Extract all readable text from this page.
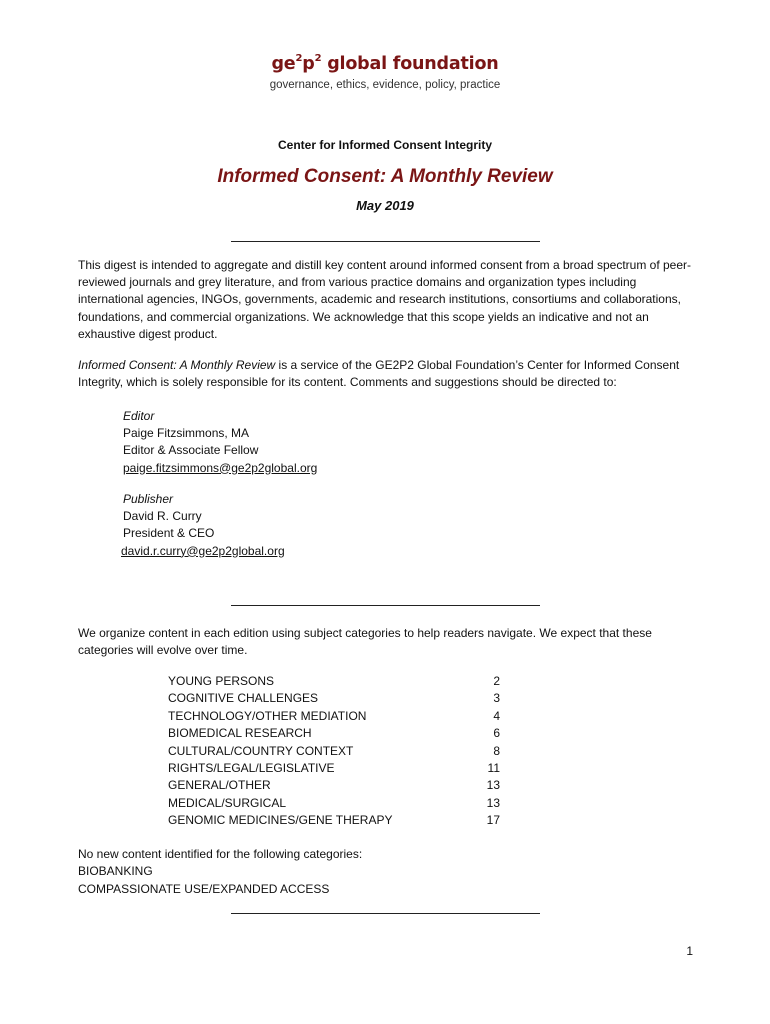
$ge^2p^2$ global foundation
governance, ethics, evidence, policy, practice
Center for Informed Consent Integrity
Informed Consent: A Monthly Review
May 2019

This digest is intended to aggregate and distill key content around informed consent from a broad spectrum of peer-reviewed journals and grey literature, and from various practice domains and organization types including international agencies, INGOs, governments, academic and research institutions, consortiums and collaborations, foundations, and commercial organizations. We acknowledge that this scope yields an indicative and not an exhaustive digest product.

Informed Consent: A Monthly Review is a service of the GE2P2 Global Foundation’s Center for Informed Consent Integrity, which is solely responsible for its content. Comments and suggestions should be directed to:

Editor
Paige Fitzsimmons, MA
Editor & Associate Fellow
paige.fitzsimmons@ge2p2global.org
Publisher
David R. Curry
President & CEO
david.r.curry@ge2p2global.org

We organize content in each edition using subject categories to help readers navigate. We expect that these categories will evolve over time.

YOUNG PERSONS	2
COGNITIVE CHALLENGES	3
TECHNOLOGY/OTHER MEDIATION	4
BIOMEDICAL RESEARCH	6
CULTURAL/COUNTRY CONTEXT	8
RIGHTS/LEGAL/LEGISLATIVE	11
GENERAL/OTHER	13
MEDICAL/SURGICAL	13
GENOMIC MEDICINES/GENE THERAPY	17
No new content identified for the following categories:
BIOBANKING
COMPASSIONATE USE/EXPANDED ACCESS
1
